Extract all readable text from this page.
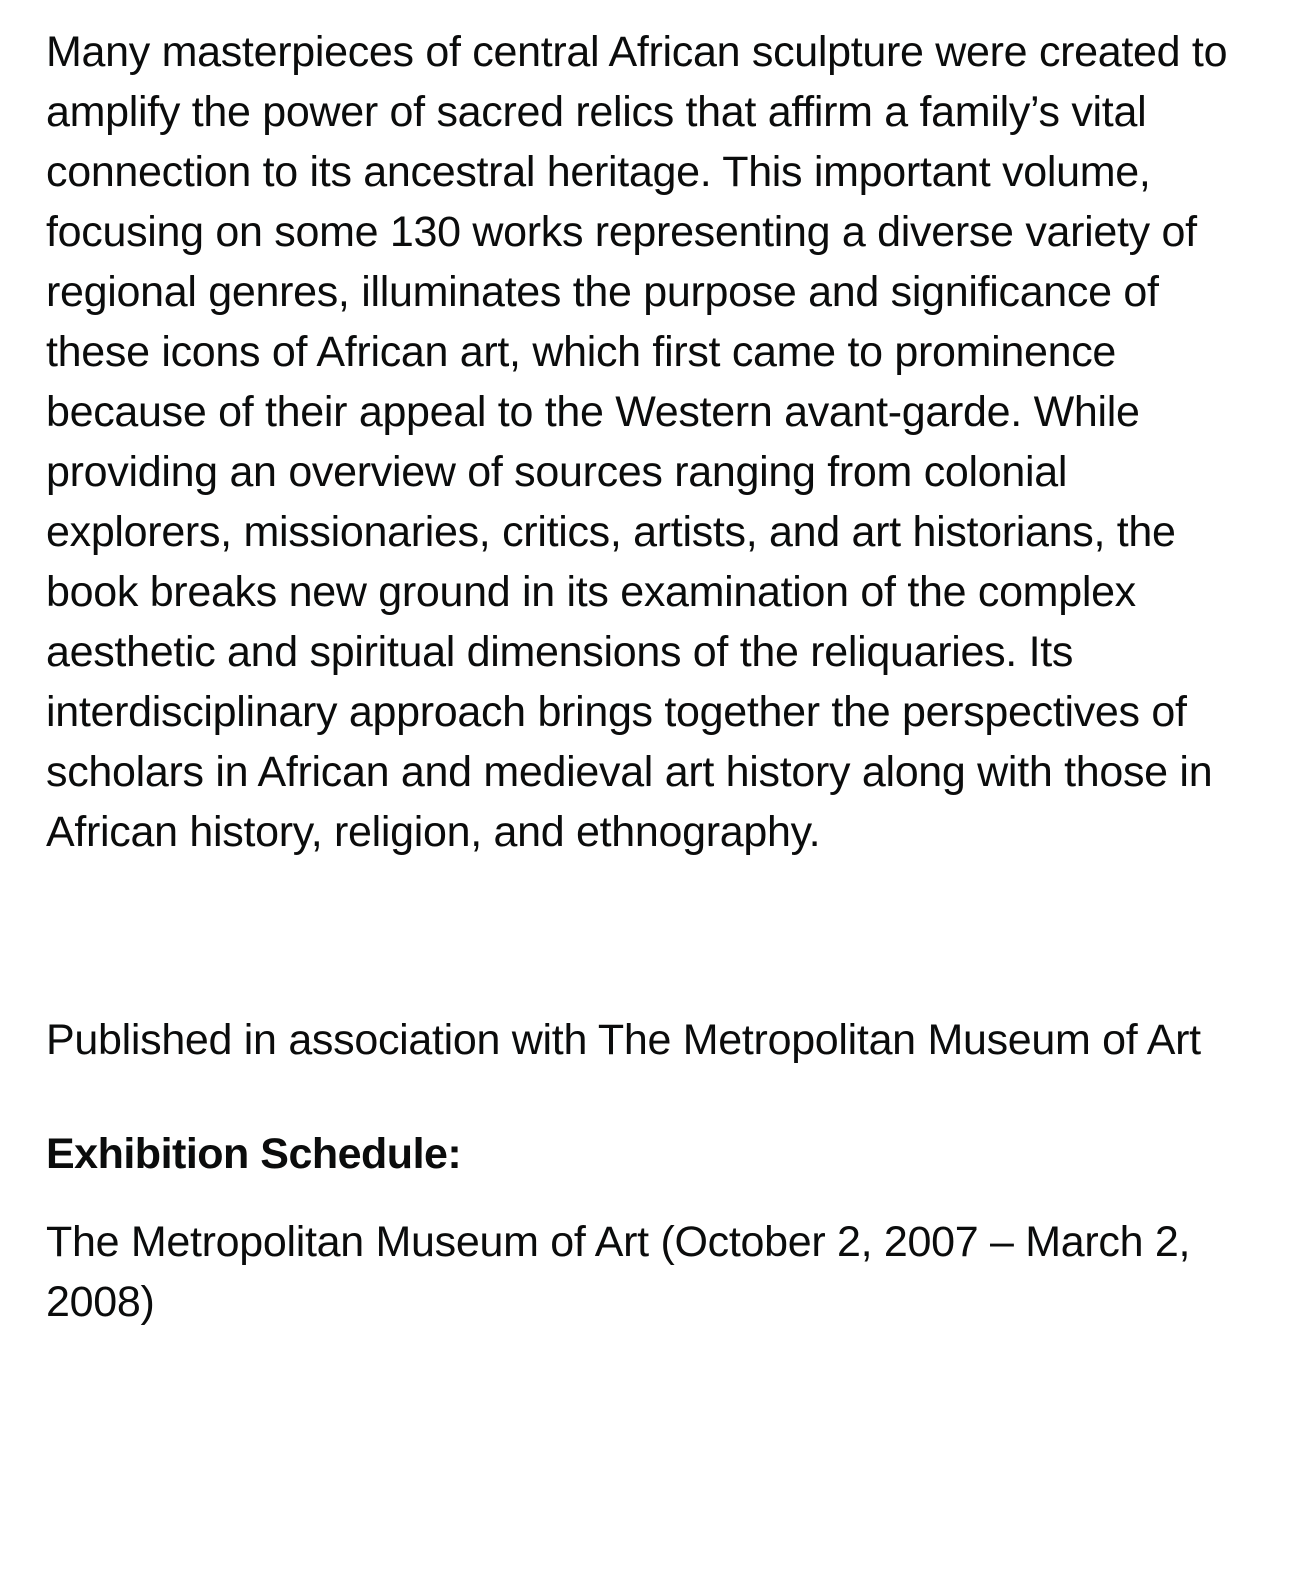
Many masterpieces of central African sculpture were created to amplify the power of sacred relics that affirm a family’s vital connection to its ancestral heritage. This important volume, focusing on some 130 works representing a diverse variety of regional genres, illuminates the purpose and significance of these icons of African art, which first came to prominence because of their appeal to the Western avant-garde. While providing an overview of sources ranging from colonial explorers, missionaries, critics, artists, and art historians, the book breaks new ground in its examination of the complex aesthetic and spiritual dimensions of the reliquaries. Its interdisciplinary approach brings together the perspectives of scholars in African and medieval art history along with those in African history, religion, and ethnography.

Published in association with The Metropolitan Museum of Art

Exhibition Schedule:
The Metropolitan Museum of Art (October 2, 2007 – March 2, 2008)
